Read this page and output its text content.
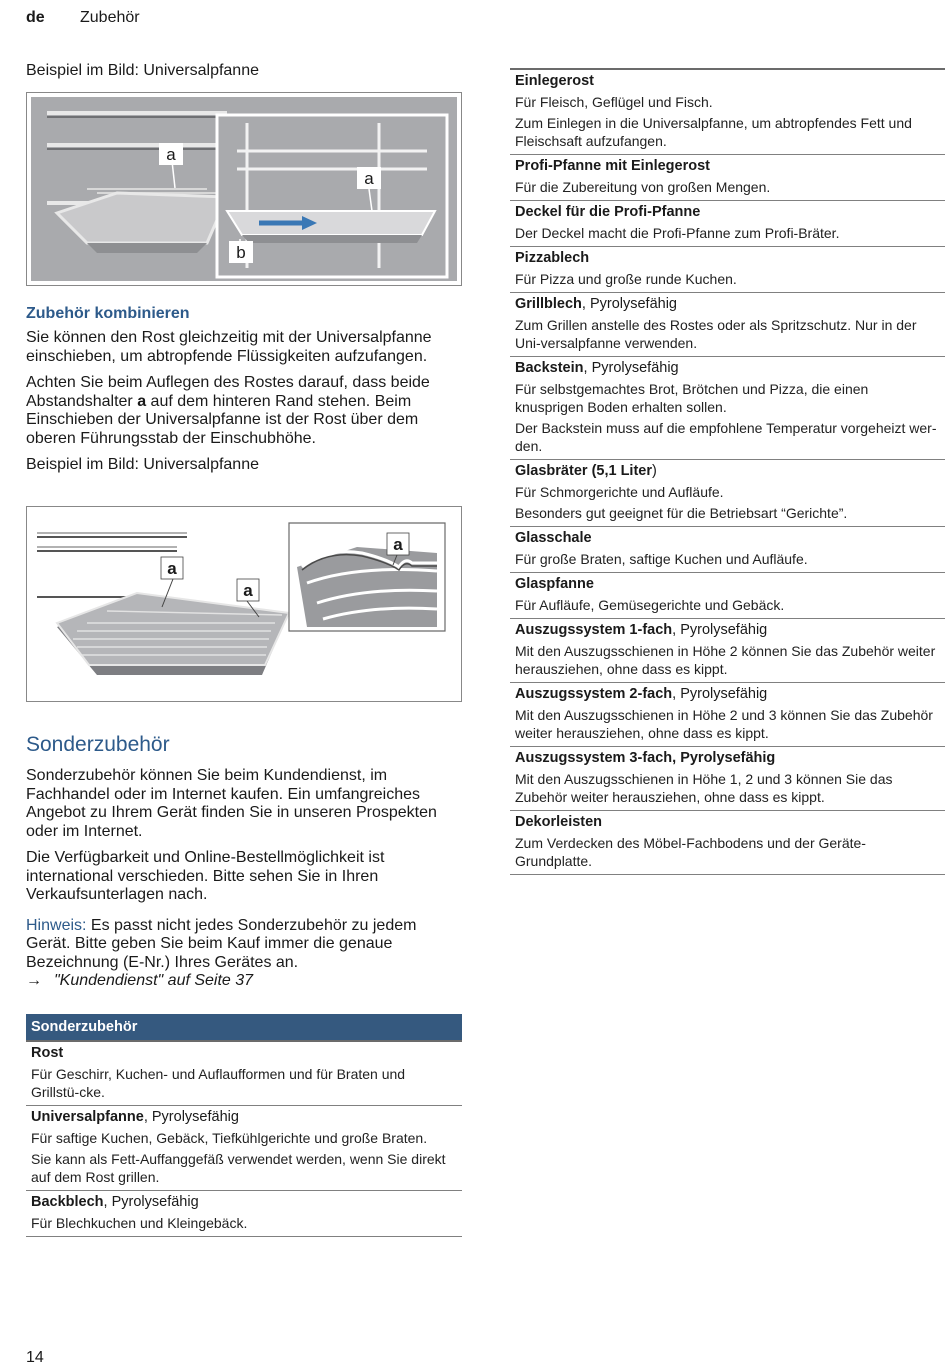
de Zubehör
Beispiel im Bild: Universalpfanne
a
a
b
Zubehör kombinieren

Sie können den Rost gleichzeitig mit der Universalpfanne einschieben, um abtropfende Flüssigkeiten aufzufangen.

Achten Sie beim Auflegen des Rostes darauf, dass beide Abstandshalter a auf dem hinteren Rand stehen. Beim Einschieben der Universalpfanne ist der Rost über dem oberen Führungsstab der Einschubhöhe.

Beispiel im Bild: Universalpfanne
a
a
a
Sonderzubehör

Sonderzubehör können Sie beim Kundendienst, im Fachhandel oder im Internet kaufen. Ein umfangreiches Angebot zu Ihrem Gerät finden Sie in unseren Prospekten oder im Internet.

Die Verfügbarkeit und Online-Bestellmöglichkeit ist international verschieden. Bitte sehen Sie in Ihren Verkaufsunterlagen nach.

Hinweis: Es passt nicht jedes Sonderzubehör zu jedem Gerät. Bitte geben Sie beim Kauf immer die genaue Bezeichnung (E-Nr.) Ihres Gerätes an.

→ "Kundendienst" auf Seite 37
Sonderzubehör
Rost
Für Geschirr, Kuchen- und Auflaufformen und für Braten und Grillstü-cke.
Universalpfanne, Pyrolysefähig
Für saftige Kuchen, Gebäck, Tiefkühlgerichte und große Braten.
Sie kann als Fett-Auffanggefäß verwendet werden, wenn Sie direkt auf dem Rost grillen.
Backblech, Pyrolysefähig
Für Blechkuchen und Kleingebäck.
Einlegerost
Für Fleisch, Geflügel und Fisch.
Zum Einlegen in die Universalpfanne, um abtropfendes Fett und Fleischsaft aufzufangen.
Profi-Pfanne mit Einlegerost
Für die Zubereitung von großen Mengen.
Deckel für die Profi-Pfanne
Der Deckel macht die Profi-Pfanne zum Profi-Bräter.
Pizzablech
Für Pizza und große runde Kuchen.
Grillblech, Pyrolysefähig
Zum Grillen anstelle des Rostes oder als Spritzschutz. Nur in der Uni-versalpfanne verwenden.
Backstein, Pyrolysefähig
Für selbstgemachtes Brot, Brötchen und Pizza, die einen knusprigen Boden erhalten sollen.
Der Backstein muss auf die empfohlene Temperatur vorgeheizt wer-den.
Glasbräter (5,1 Liter)
Für Schmorgerichte und Aufläufe.
Besonders gut geeignet für die Betriebsart “Gerichte”.
Glasschale
Für große Braten, saftige Kuchen und Aufläufe.
Glaspfanne
Für Aufläufe, Gemüsegerichte und Gebäck.
Auszugssystem 1-fach, Pyrolysefähig
Mit den Auszugsschienen in Höhe 2 können Sie das Zubehör weiter herausziehen, ohne dass es kippt.
Auszugssystem 2-fach, Pyrolysefähig
Mit den Auszugsschienen in Höhe 2 und 3 können Sie das Zubehör weiter herausziehen, ohne dass es kippt.
Auszugssystem 3-fach, Pyrolysefähig
Mit den Auszugsschienen in Höhe 1, 2 und 3 können Sie das Zubehör weiter herausziehen, ohne dass es kippt.
Dekorleisten
Zum Verdecken des Möbel-Fachbodens und der Geräte-Grundplatte.
14
